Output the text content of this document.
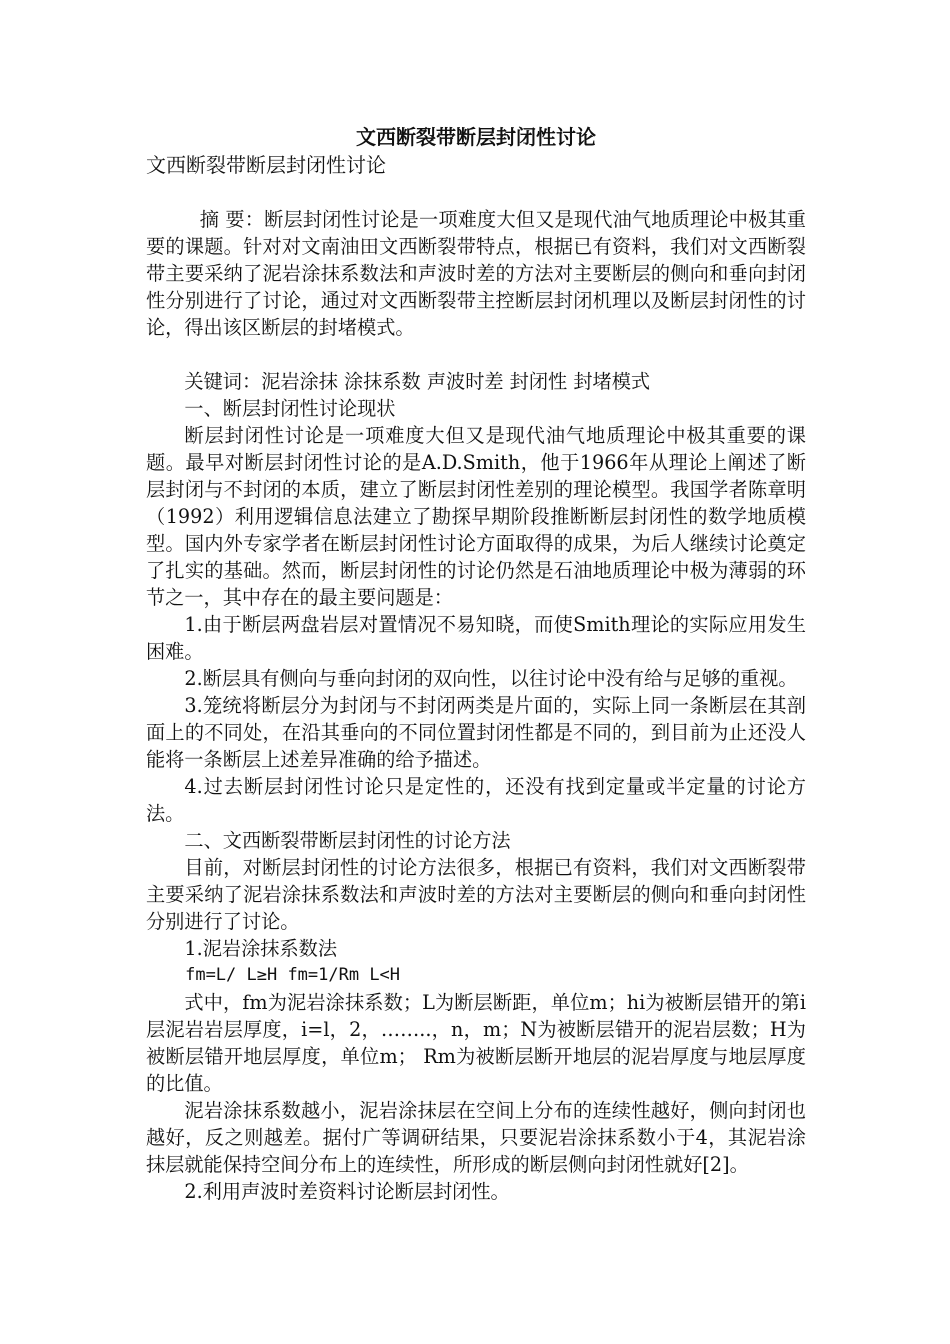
文西断裂带断层封闭性讨论

文西断裂带断层封闭性讨论

摘 要：断层封闭性讨论是一项难度大但又是现代油气地质理论中极其重要的课题。针对对文南油田文西断裂带特点，根据已有资料，我们对文西断裂带主要采纳了泥岩涂抹系数法和声波时差的方法对主要断层的侧向和垂向封闭性分别进行了讨论，通过对文西断裂带主控断层封闭机理以及断层封闭性的讨论，得出该区断层的封堵模式。

关键词：泥岩涂抹 涂抹系数 声波时差 封闭性 封堵模式

一、断层封闭性讨论现状

断层封闭性讨论是一项难度大但又是现代油气地质理论中极其重要的课题。最早对断层封闭性讨论的是A.D.Smith，他于1966年从理论上阐述了断层封闭与不封闭的本质，建立了断层封闭性差别的理论模型。我国学者陈章明（1992）利用逻辑信息法建立了勘探早期阶段推断断层封闭性的数学地质模型。国内外专家学者在断层封闭性讨论方面取得的成果，为后人继续讨论奠定了扎实的基础。然而，断层封闭性的讨论仍然是石油地质理论中极为薄弱的环节之一，其中存在的最主要问题是：

1.由于断层两盘岩层对置情况不易知晓，而使Smith理论的实际应用发生困难。

2.断层具有侧向与垂向封闭的双向性，以往讨论中没有给与足够的重视。

3.笼统将断层分为封闭与不封闭两类是片面的，实际上同一条断层在其剖面上的不同处，在沿其垂向的不同位置封闭性都是不同的，到目前为止还没人能将一条断层上述差异准确的给予描述。

4.过去断层封闭性讨论只是定性的，还没有找到定量或半定量的讨论方法。

二、文西断裂带断层封闭性的讨论方法

目前，对断层封闭性的讨论方法很多，根据已有资料，我们对文西断裂带主要采纳了泥岩涂抹系数法和声波时差的方法对主要断层的侧向和垂向封闭性分别进行了讨论。

1.泥岩涂抹系数法

fm=L/ L≥H fm=1/Rm L<H

式中，fm为泥岩涂抹系数；L为断层断距，单位m；hi为被断层错开的第i层泥岩岩层厚度，i=l，2，……..，n，m；N为被断层错开的泥岩层数；H为被断层错开地层厚度，单位m； Rm为被断层断开地层的泥岩厚度与地层厚度的比值。

泥岩涂抹系数越小，泥岩涂抹层在空间上分布的连续性越好，侧向封闭也越好，反之则越差。据付广等调研结果，只要泥岩涂抹系数小于4，其泥岩涂抹层就能保持空间分布上的连续性，所形成的断层侧向封闭性就好[2]。

2.利用声波时差资料讨论断层封闭性。
